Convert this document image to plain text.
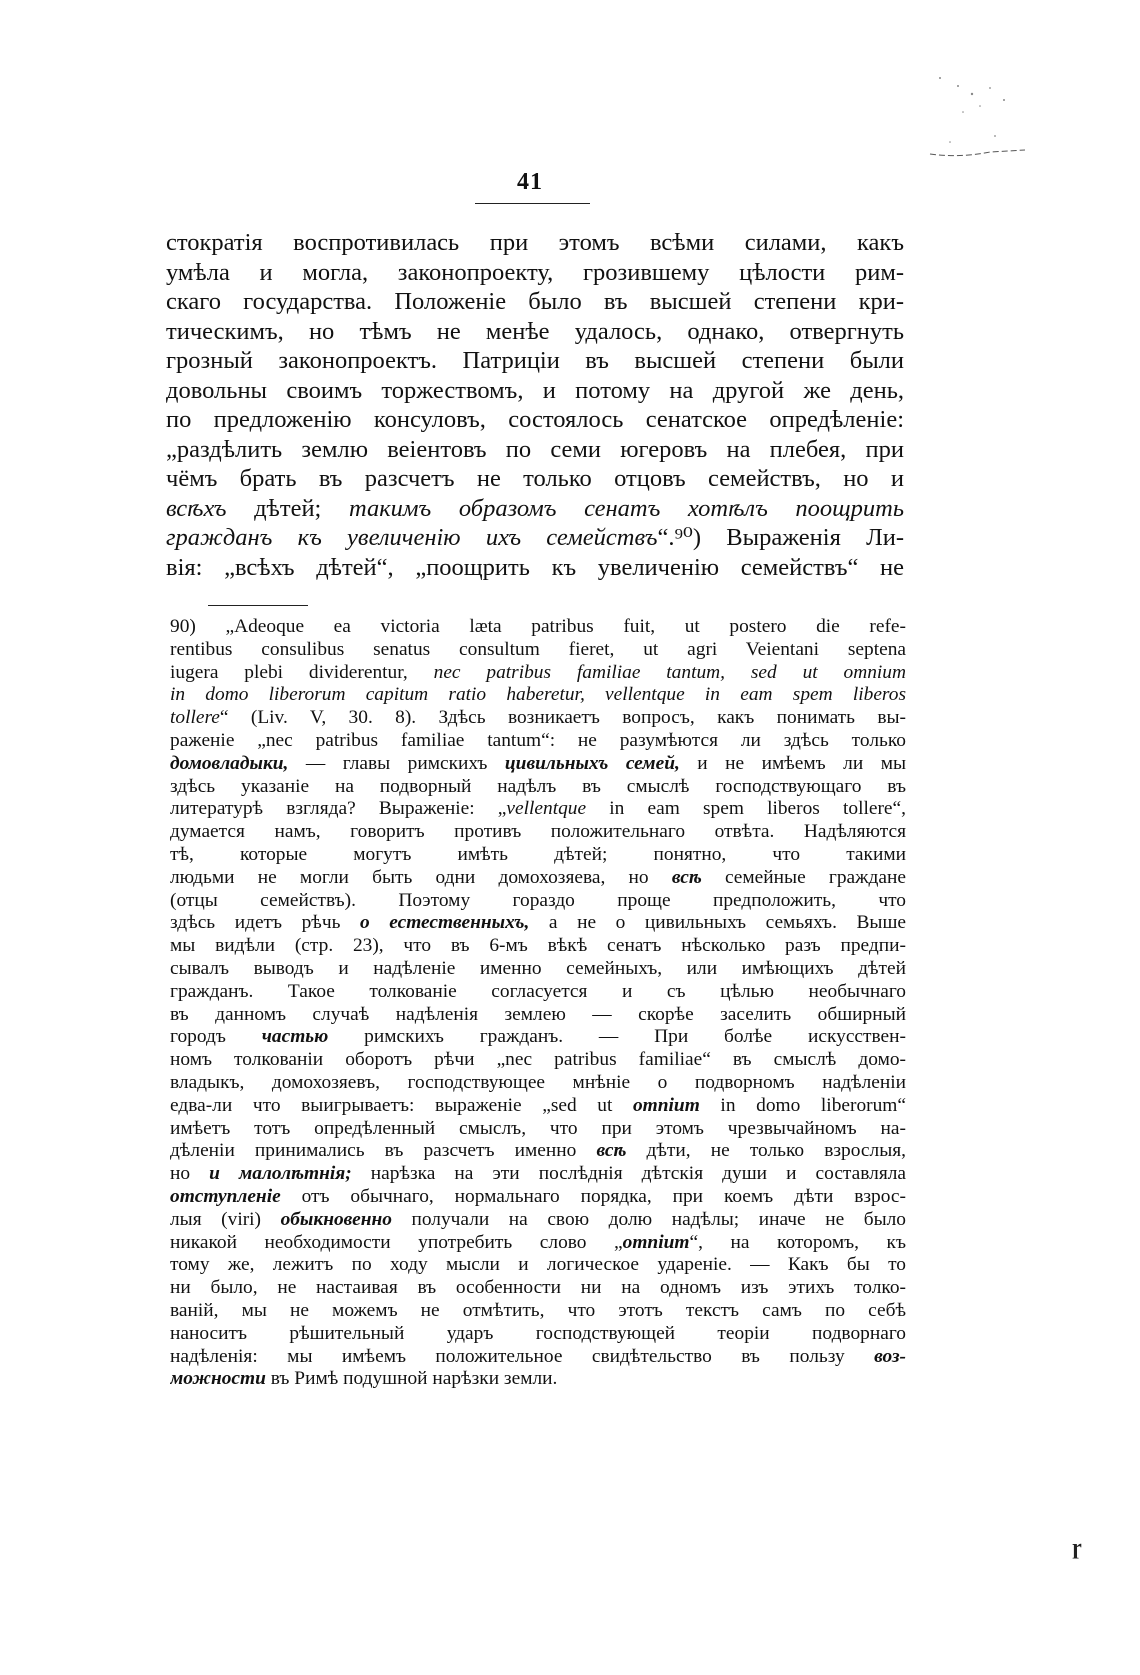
41
стократія воспротивилась при этомъ всѣми силами, какъ
умѣла и могла, законопроекту, грозившему цѣлости рим-
скаго государства. Положеніе было въ высшей степени кри-
тическимъ, но тѣмъ не менѣе удалось, однако, отвергнуть
грозный законопроектъ. Патриціи въ высшей степени были
довольны своимъ торжествомъ, и потому на другой же день,
по предложенію консуловъ, состоялось сенатское опредѣленіе:
„раздѣлить землю веіентовъ по семи югеровъ на плебея, при
чёмъ брать въ разсчетъ не только отцовъ семействъ, но и
всѣхъ дѣтей; такимъ образомъ сенатъ хотѣлъ поощрить
гражданъ къ увеличенію ихъ семействъ“.⁹⁰) Выраженія Ли-
вія: „всѣхъ дѣтей“, „поощрить къ увеличенію семействъ“ не
90) „Adeoque ea victoria læta patribus fuit, ut postero die refe-
rentibus consulibus senatus consultum fieret, ut agri Veientani septena
iugera plebi dividerentur, nec patribus familiae tantum, sed ut omnium
in domo liberorum capitum ratio haberetur, vellentque in eam spem liberos
tollere“ (Liv. V, 30. 8). Здѣсь возникаетъ вопросъ, какъ понимать вы-
раженіе „nec patribus familiae tantum“: не разумѣются ли здѣсь только
домовладыки, — главы римскихъ цивильныхъ семей, и не имѣемъ ли мы
здѣсь указаніе на подворный надѣлъ въ смыслѣ господствующаго въ
литературѣ взгляда? Выраженіе: „vellentque in eam spem liberos tollere“,
думается намъ, говоритъ противъ положительнаго отвѣта. Надѣляются
тѣ, которые могутъ имѣть дѣтей; понятно, что такими
людьми не могли быть одни домохозяева, но всѣ семейные граждане
(отцы семействъ). Поэтому гораздо проще предположить, что
здѣсь идетъ рѣчь о естественныхъ, а не о цивильныхъ семьяхъ. Выше
мы видѣли (стр. 23), что въ 6-мъ вѣкѣ сенатъ нѣсколько разъ предпи-
сывалъ выводъ и надѣленіе именно семейныхъ, или имѣющихъ дѣтей
гражданъ. Такое толкованіе согласуется и съ цѣлью необычнаго
въ данномъ случаѣ надѣленія землею — скорѣе заселить обширный
городъ частью римскихъ гражданъ. — При болѣе искусствен-
номъ толкованіи оборотъ рѣчи „nec patribus familiae“ въ смыслѣ домо-
владыкъ, домохозяевъ, господствующее мнѣніе о подворномъ надѣленіи
едва-ли что выигрываетъ: выраженіе „sed ut omnium in domo liberorum“
имѣетъ тотъ опредѣленный смыслъ, что при этомъ чрезвычайномъ на-
дѣленіи принимались въ разсчетъ именно всѣ дѣти, не только взрослыя,
но и малолѣтнія; нарѣзка на эти послѣднія дѣтскія души и составляла
отступленіе отъ обычнаго, нормальнаго порядка, при коемъ дѣти взрос-
лыя (viri) обыкновенно получали на свою долю надѣлы; иначе не было
никакой необходимости употребить слово „omnium“, на которомъ, къ
тому же, лежитъ по ходу мысли и логическое удареніе. — Какъ бы то
ни было, не настаивая въ особенности ни на одномъ изъ этихъ толко-
ваній, мы не можемъ не отмѣтить, что этотъ текстъ самъ по себѣ
наноситъ рѣшительный ударъ господствующей теоріи подворнаго
надѣленія: мы имѣемъ положительное свидѣтельство въ пользу воз-
можности въ Римѣ подушной нарѣзки земли.
ɼ
